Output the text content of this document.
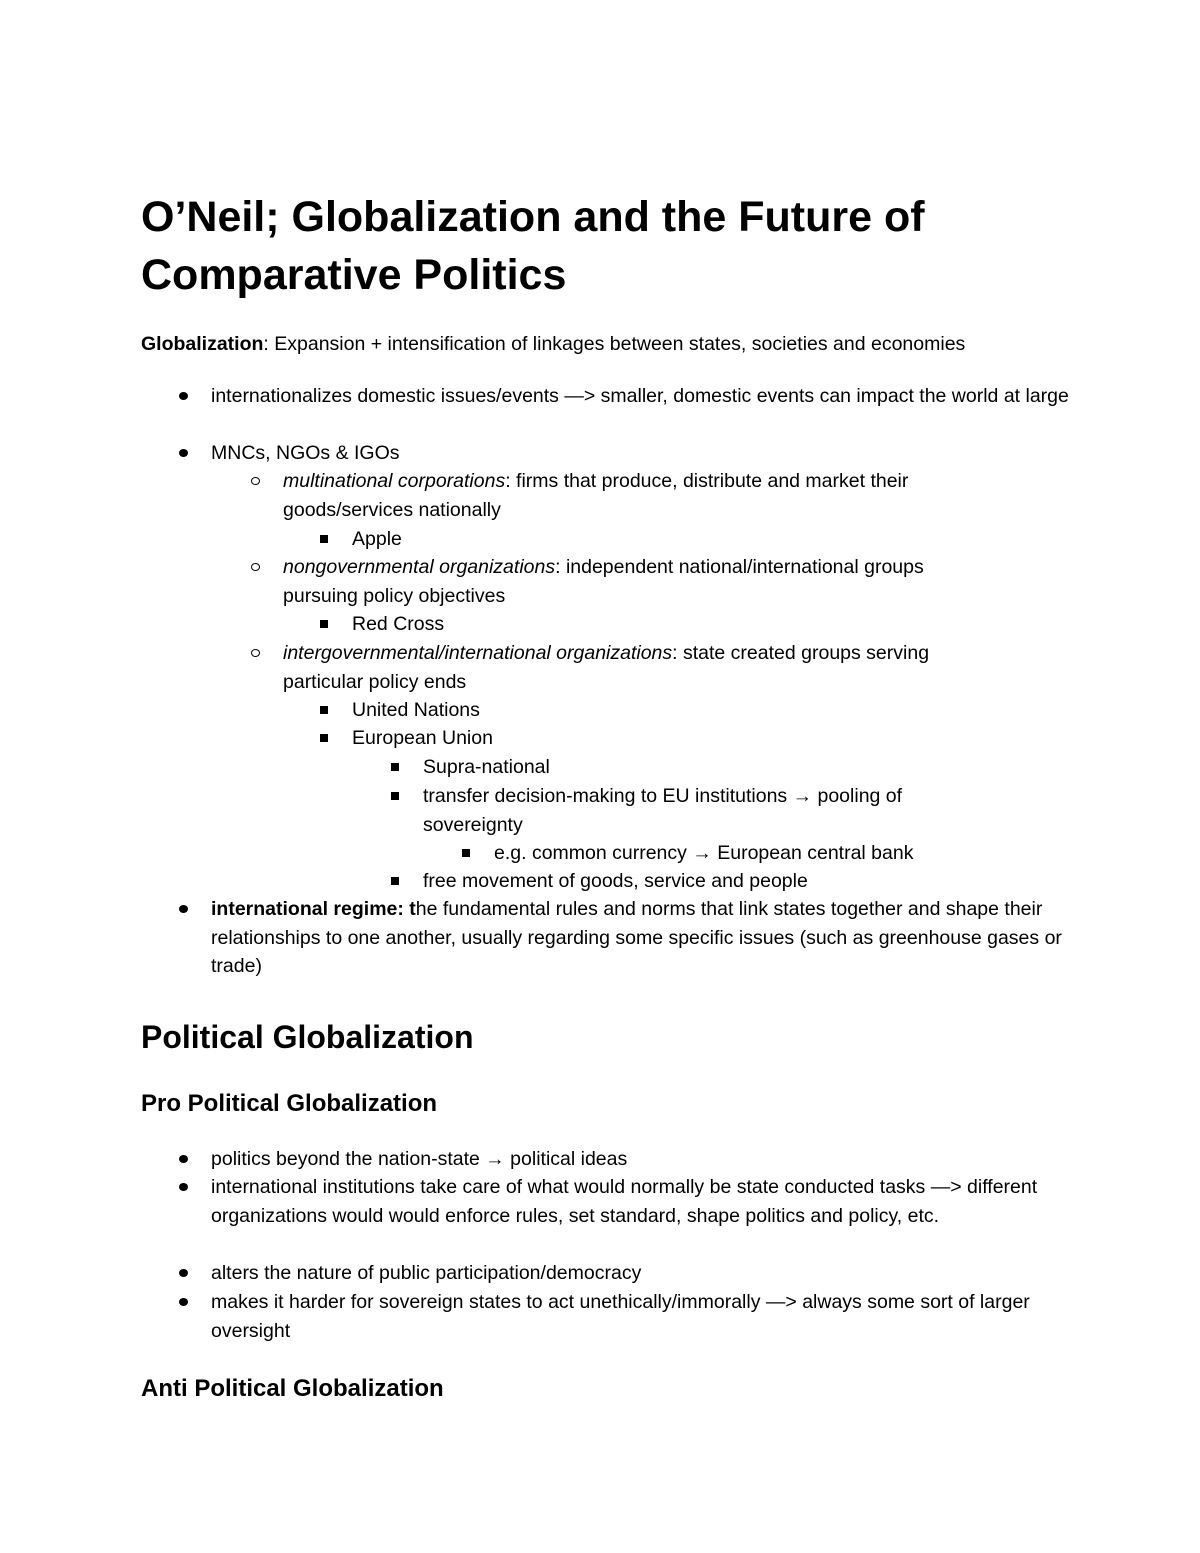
O’Neil; Globalization and the Future of Comparative Politics

Globalization: Expansion + intensification of linkages between states, societies and economies

internationalizes domestic issues/events —> smaller, domestic events can impact the world at large
MNCs, NGOs & IGOs
multinational corporations: firms that produce, distribute and market their goods/services nationally
Apple
nongovernmental organizations: independent national/international groups pursuing policy objectives
Red Cross
intergovernmental/international organizations: state created groups serving particular policy ends
United Nations
European Union
Supra-national
transfer decision-making to EU institutions → pooling of sovereignty
e.g. common currency → European central bank
free movement of goods, service and people
international regime: the fundamental rules and norms that link states together and shape their relationships to one another, usually regarding some specific issues (such as greenhouse gases or trade)
Political Globalization
Pro Political Globalization
politics beyond the nation-state → political ideas
international institutions take care of what would normally be state conducted tasks —> different organizations would would enforce rules, set standard, shape politics and policy, etc.
alters the nature of public participation/democracy
makes it harder for sovereign states to act unethically/immorally —> always some sort of larger oversight
Anti Political Globalization
